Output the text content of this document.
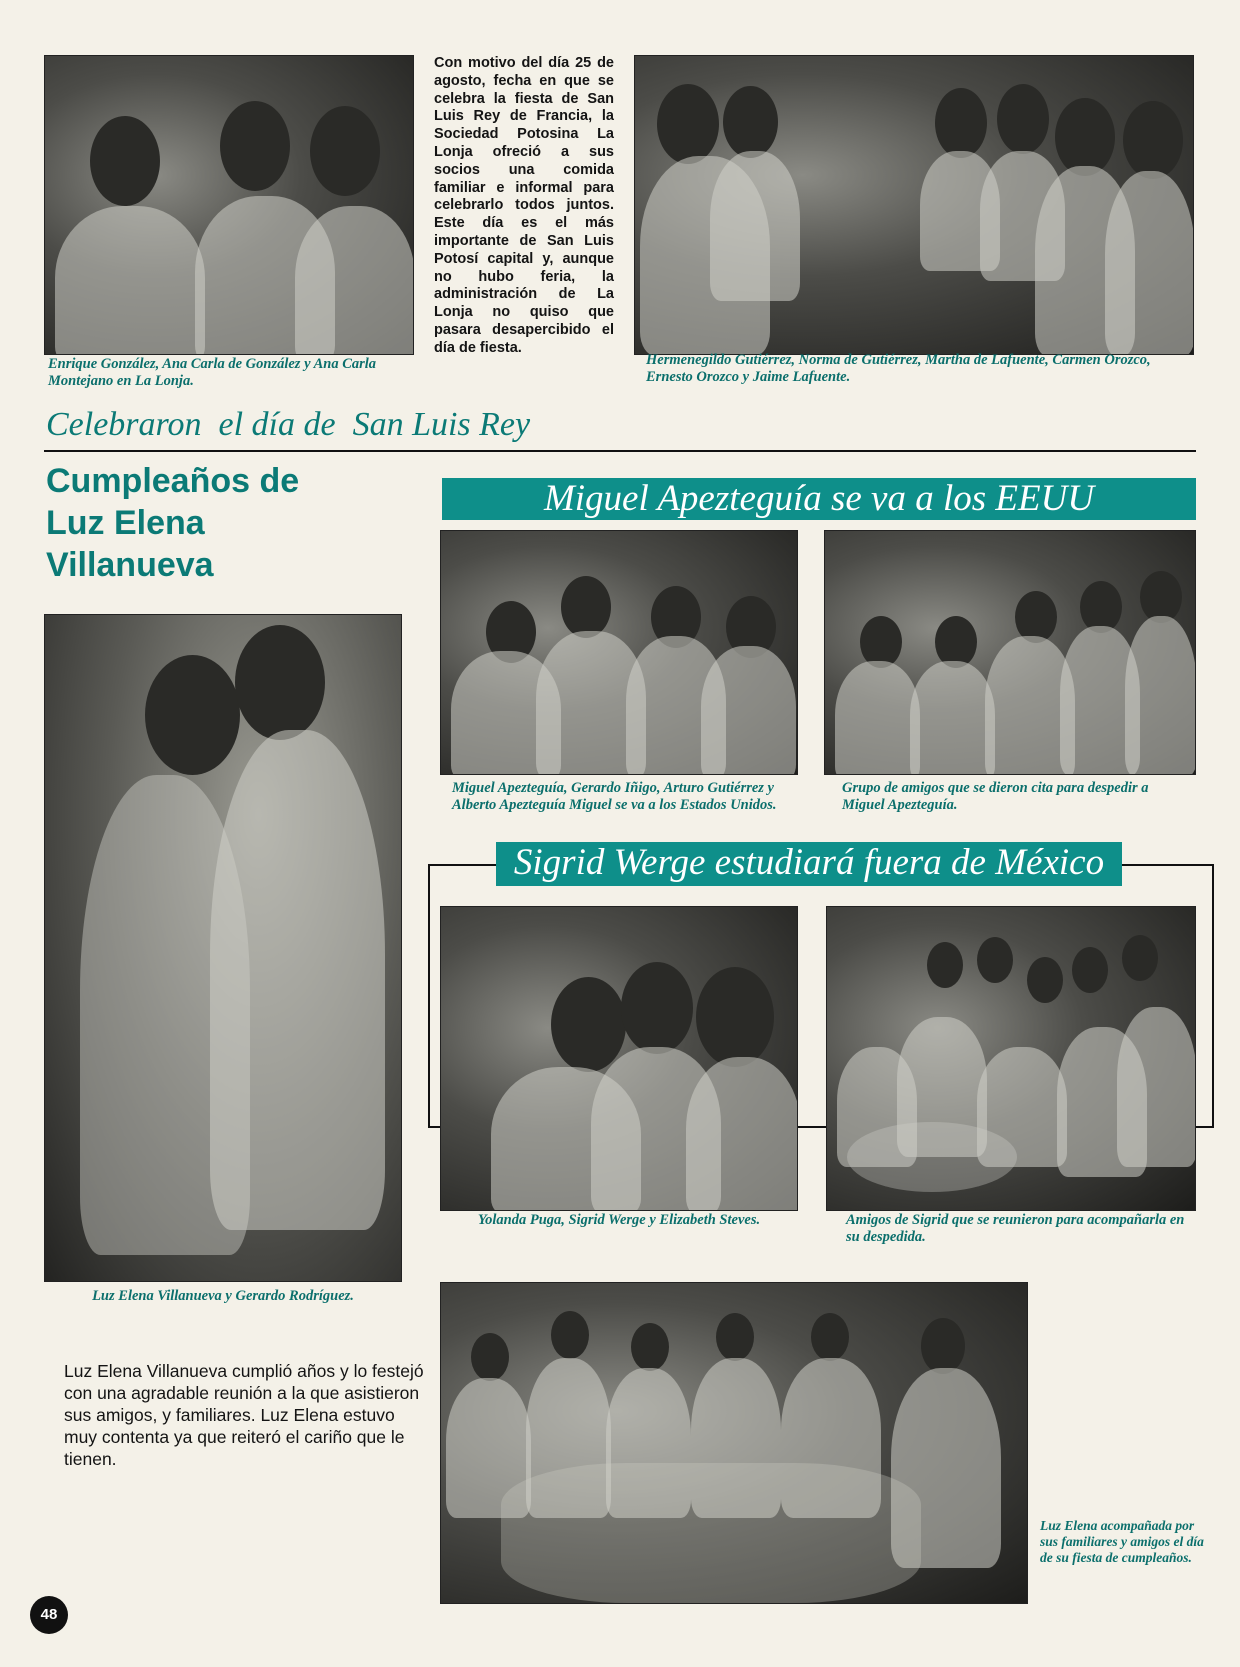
Enrique González, Ana Carla de González y Ana Carla Montejano en La Lonja.
Con motivo del día 25 de agosto, fecha en que se celebra la fiesta de San Luis Rey de Francia, la Sociedad Potosina La Lonja ofreció a sus socios una comida familiar e informal para celebrarlo todos juntos. Este día es el más importante de San Luis Potosí capital y, aunque no hubo feria, la administración de La Lonja no quiso que pasara desapercibido el día de fiesta.
Hermenegildo Gutiérrez, Norma de Gutiérrez, Martha de Lafuente, Carmen Orozco, Ernesto Orozco y Jaime Lafuente.
Celebraron  el día de  San Luis Rey
Cumpleaños de
Luz Elena
Villanueva
Luz Elena Villanueva y Gerardo Rodríguez.
Luz Elena Villanueva cumplió años y lo festejó con una agradable reunión a la que asistieron sus amigos, y familiares. Luz Elena estuvo muy contenta ya que reiteró el cariño que le tienen.
Miguel Apezteguía se va a los EEUU
Miguel Apezteguía, Gerardo Iñigo, Arturo Gutiérrez y Alberto Apezteguía Miguel se va a los Estados Unidos.
Grupo de amigos que se dieron cita para despedir a Miguel Apezteguía.
Sigrid Werge estudiará fuera de México
Yolanda Puga, Sigrid Werge y Elizabeth Steves.	Amigos de Sigrid que se reunieron para acompañarla en su despedida.
Luz Elena acompañada por sus familiares y amigos el día de su fiesta de cumpleaños.
48
